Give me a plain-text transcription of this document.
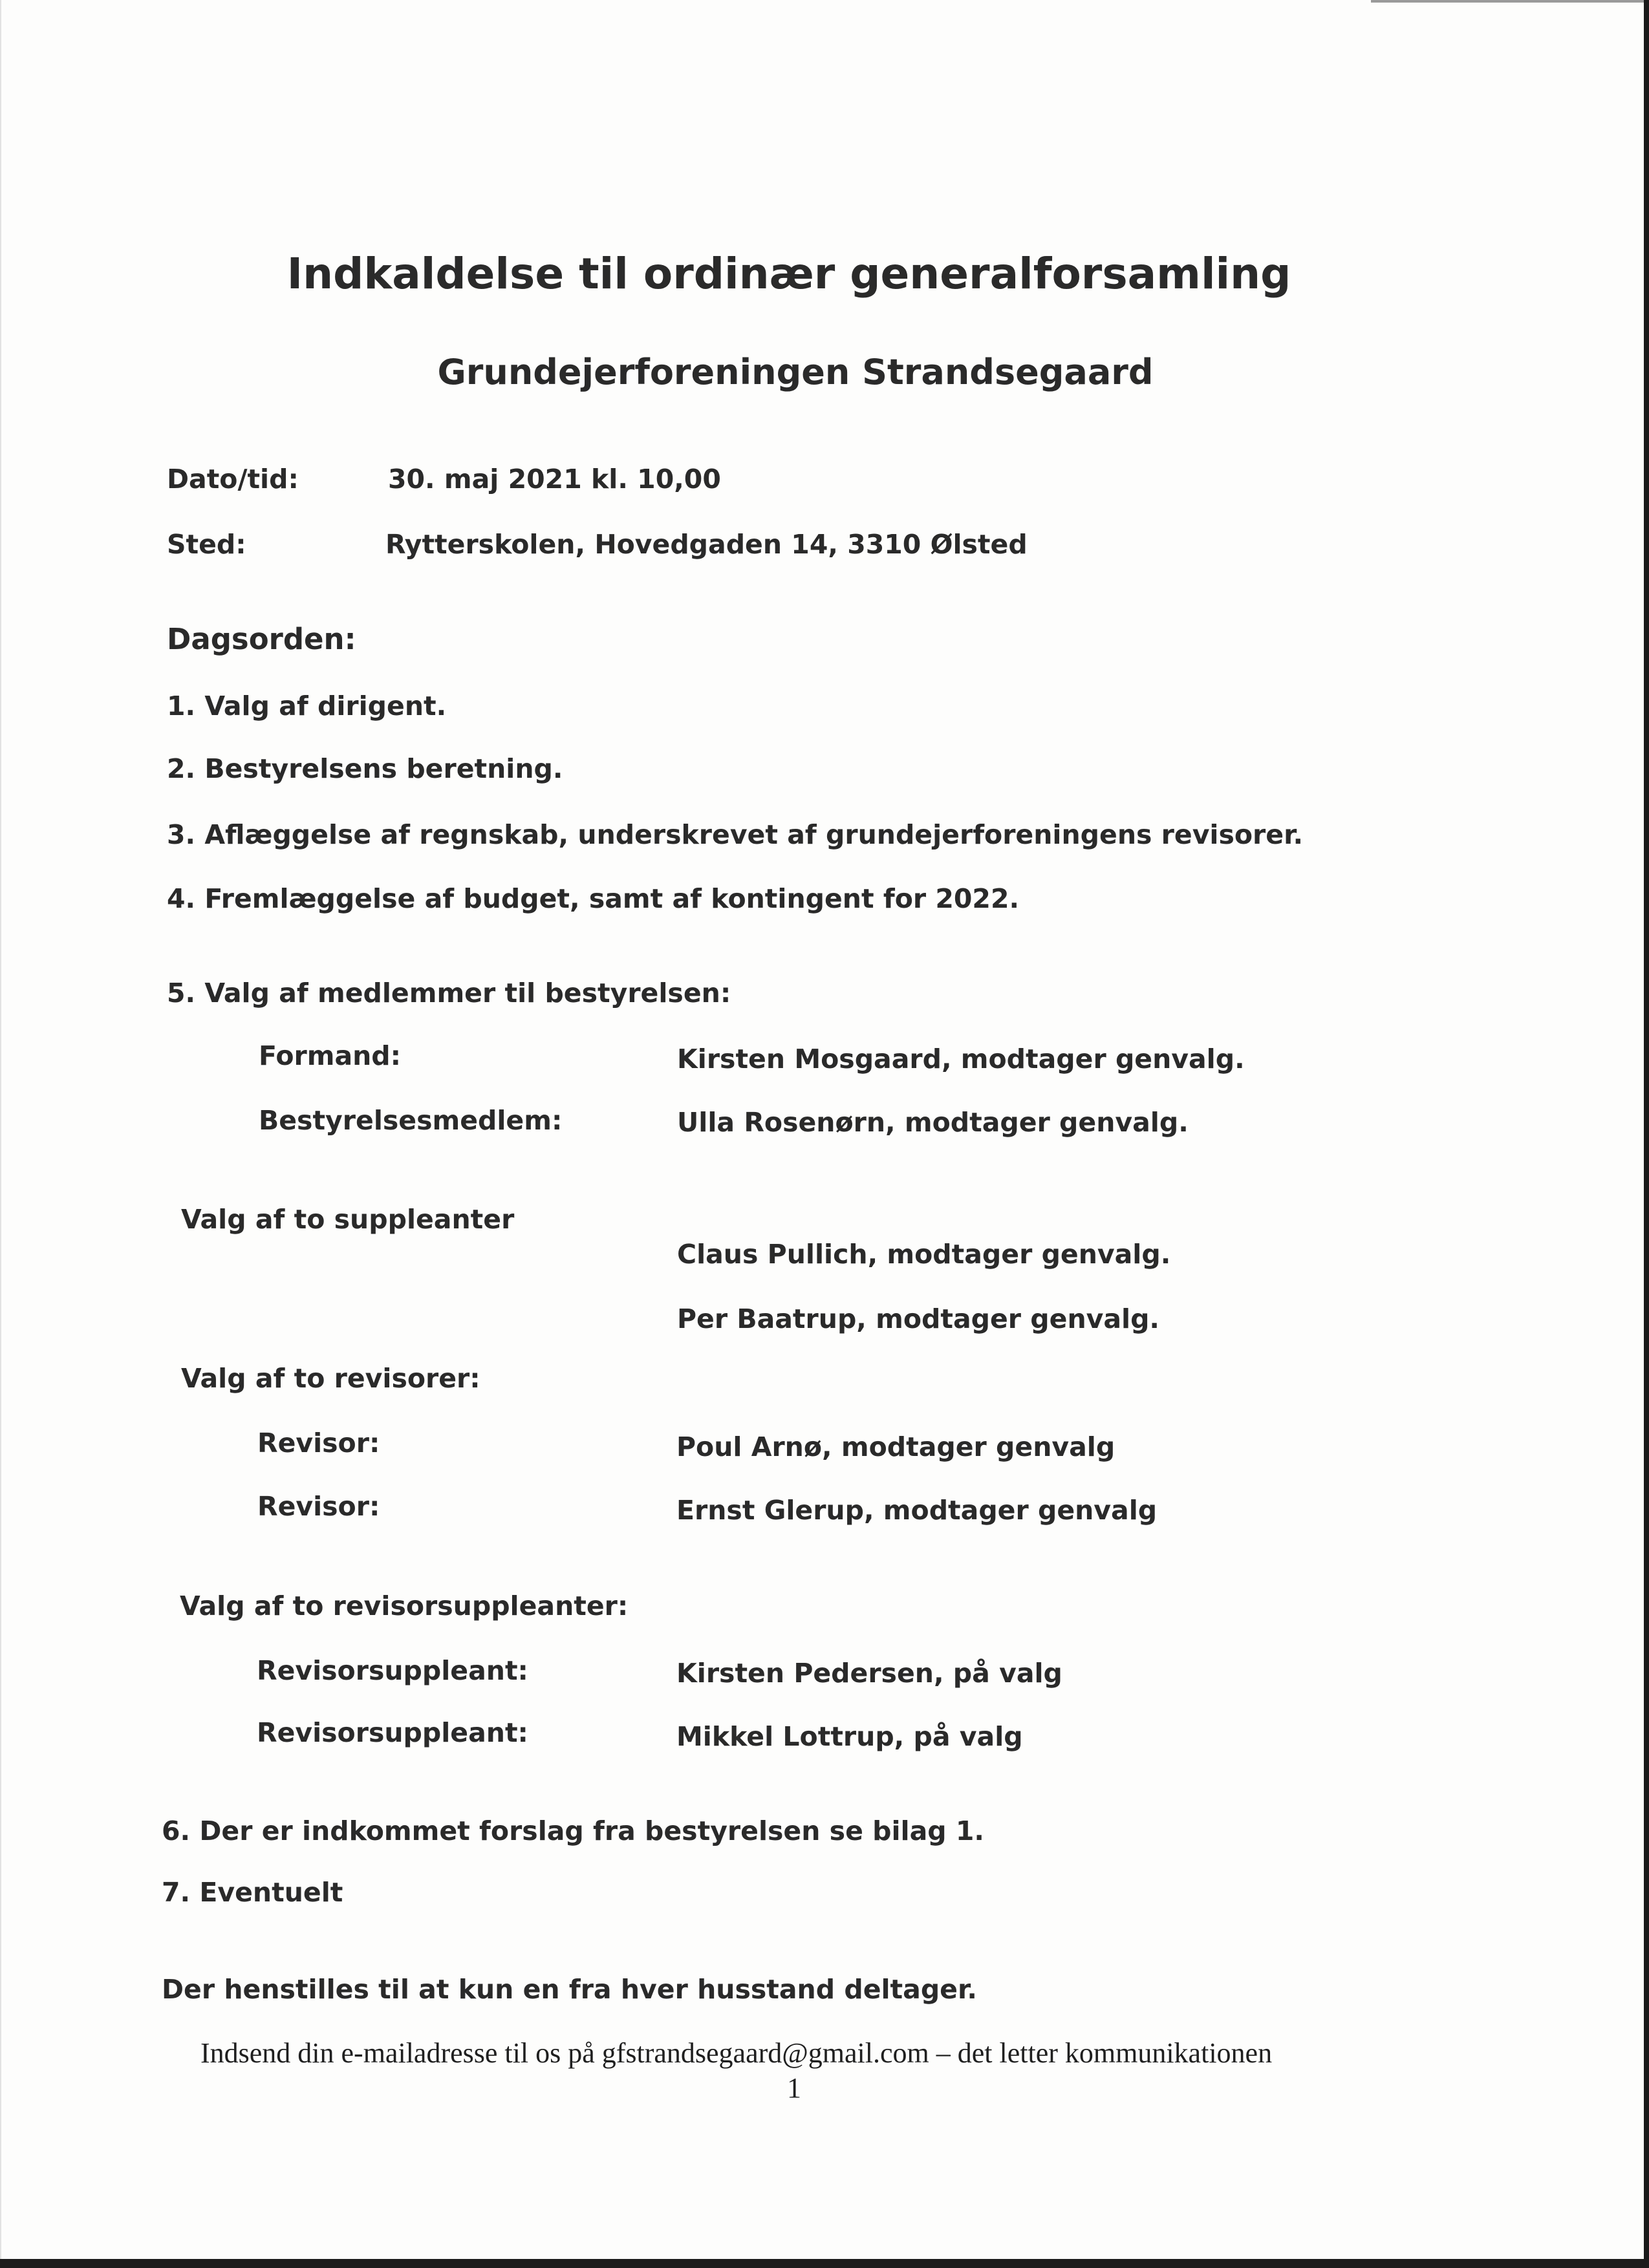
Indkaldelse til ordinær generalforsamling
Grundejerforeningen Strandsegaard
Dato/tid:	30. maj 2021 kl. 10,00
Sted:	Rytterskolen, Hovedgaden 14, 3310 Ølsted
Dagsorden:
1. Valg af dirigent.
2. Bestyrelsens beretning.
3. Aflæggelse af regnskab, underskrevet af grundejerforeningens revisorer.
4. Fremlæggelse af budget, samt af kontingent for 2022.
5. Valg af medlemmer til bestyrelsen:
Formand:	Kirsten Mosgaard, modtager genvalg.
Bestyrelsesmedlem:	Ulla Rosenørn, modtager genvalg.
Valg af to suppleanter
Claus Pullich, modtager genvalg.
Per Baatrup, modtager genvalg.
Valg af to revisorer:
Revisor:	Poul Arnø, modtager genvalg
Revisor:	Ernst Glerup, modtager genvalg
Valg af to revisorsuppleanter:
Revisorsuppleant:	Kirsten Pedersen, på valg
Revisorsuppleant:	Mikkel Lottrup, på valg
6. Der er indkommet forslag fra bestyrelsen se bilag 1.
7. Eventuelt
Der henstilles til at kun en fra hver husstand deltager.
Indsend din e-mailadresse til os på gfstrandsegaard@gmail.com – det letter kommunikationen
1
